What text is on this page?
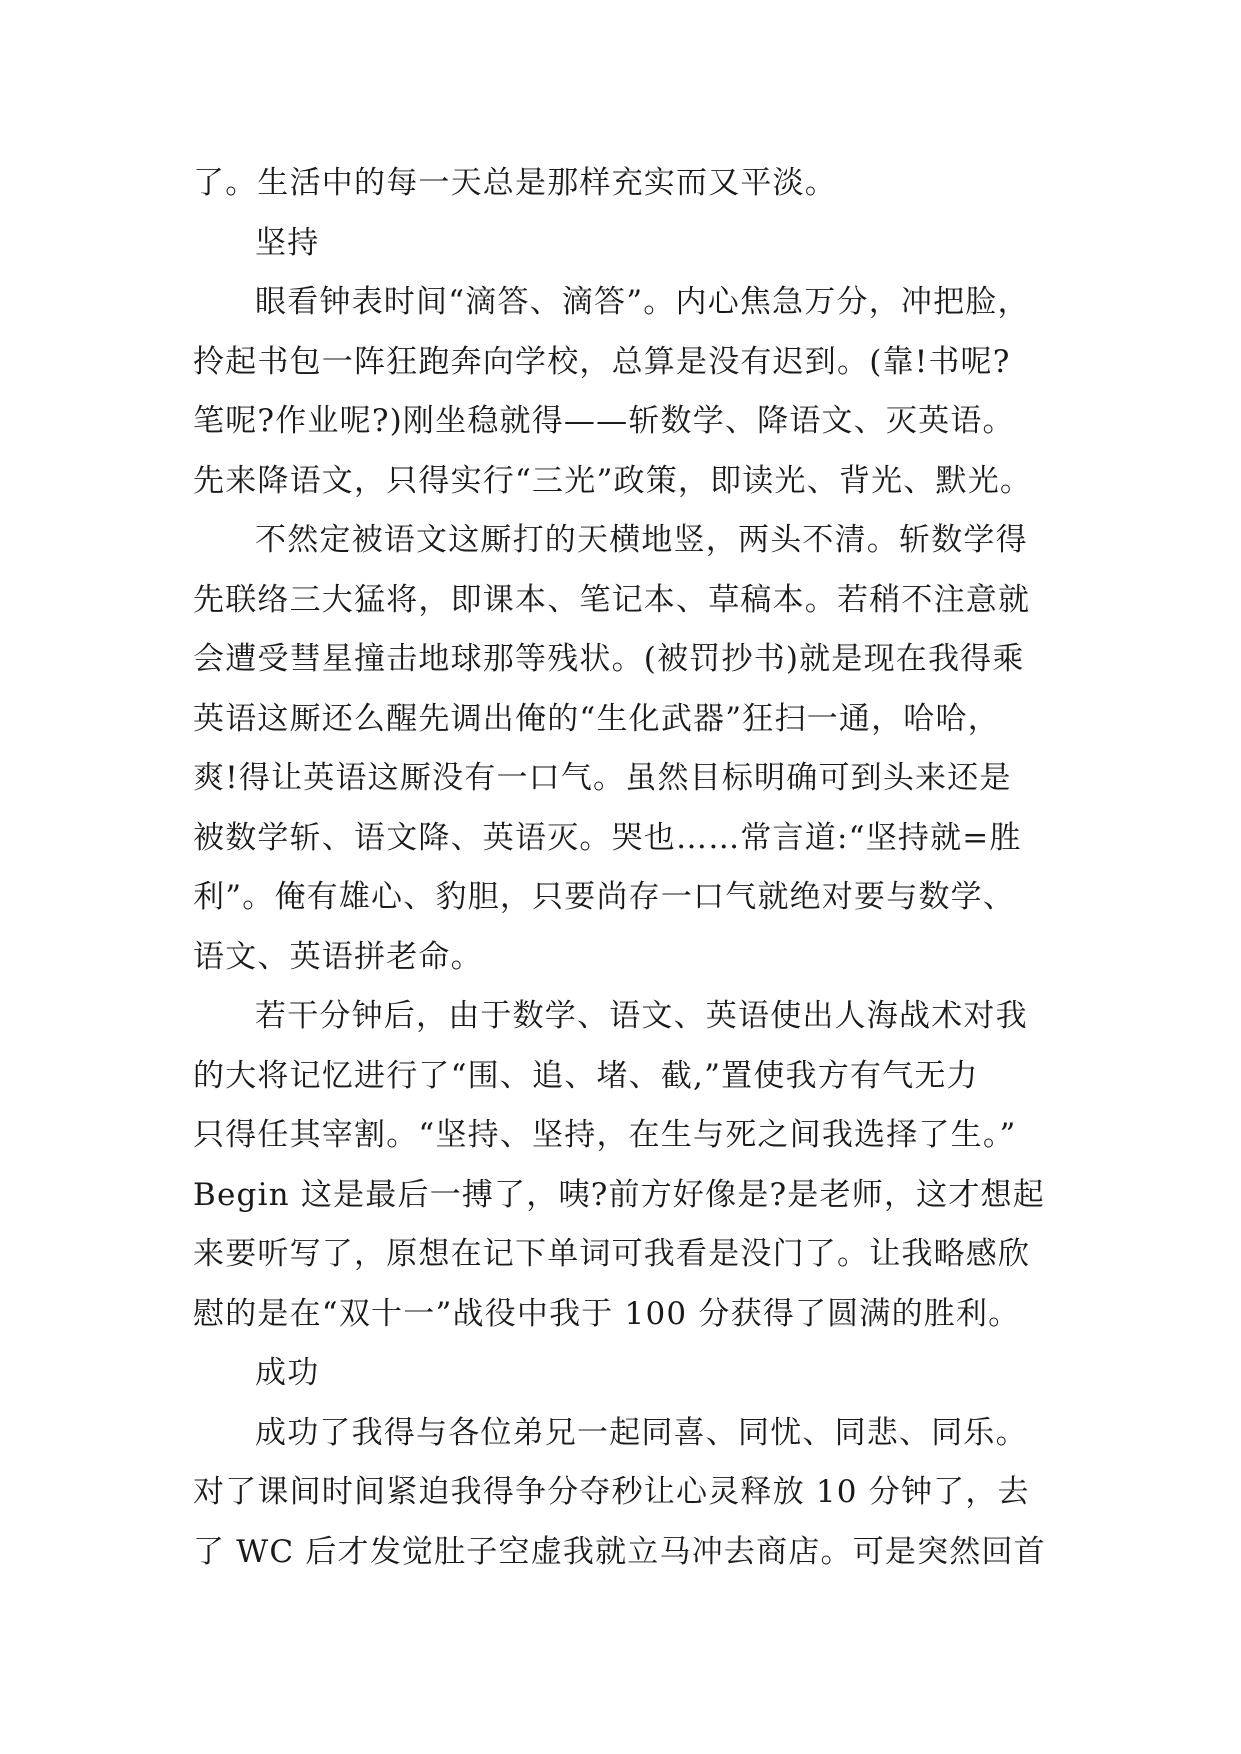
了。生活中的每一天总是那样充实而又平淡。
坚持
眼看钟表时间“滴答、滴答”。内心焦急万分，冲把脸，
拎起书包一阵狂跑奔向学校，总算是没有迟到。(靠!书呢?
笔呢?作业呢?)刚坐稳就得——斩数学、降语文、灭英语。
先来降语文，只得实行“三光”政策，即读光、背光、默光。
不然定被语文这厮打的天横地竖，两头不清。斩数学得
先联络三大猛将，即课本、笔记本、草稿本。若稍不注意就
会遭受彗星撞击地球那等残状。(被罚抄书)就是现在我得乘
英语这厮还么醒先调出俺的“生化武器”狂扫一通，哈哈，
爽!得让英语这厮没有一口气。虽然目标明确可到头来还是
被数学斩、语文降、英语灭。哭也……常言道:“坚持就=胜
利”。俺有雄心、豹胆，只要尚存一口气就绝对要与数学、
语文、英语拼老命。
若干分钟后，由于数学、语文、英语使出人海战术对我
的大将记忆进行了“围、追、堵、截,”置使我方有气无力
只得任其宰割。“坚持、坚持，在生与死之间我选择了生。”
Begin 这是最后一搏了，咦?前方好像是?是老师，这才想起
来要听写了，原想在记下单词可我看是没门了。让我略感欣
慰的是在“双十一”战役中我于 100 分获得了圆满的胜利。
成功
成功了我得与各位弟兄一起同喜、同忧、同悲、同乐。
对了课间时间紧迫我得争分夺秒让心灵释放 10 分钟了，去
了 WC 后才发觉肚子空虚我就立马冲去商店。可是突然回首
